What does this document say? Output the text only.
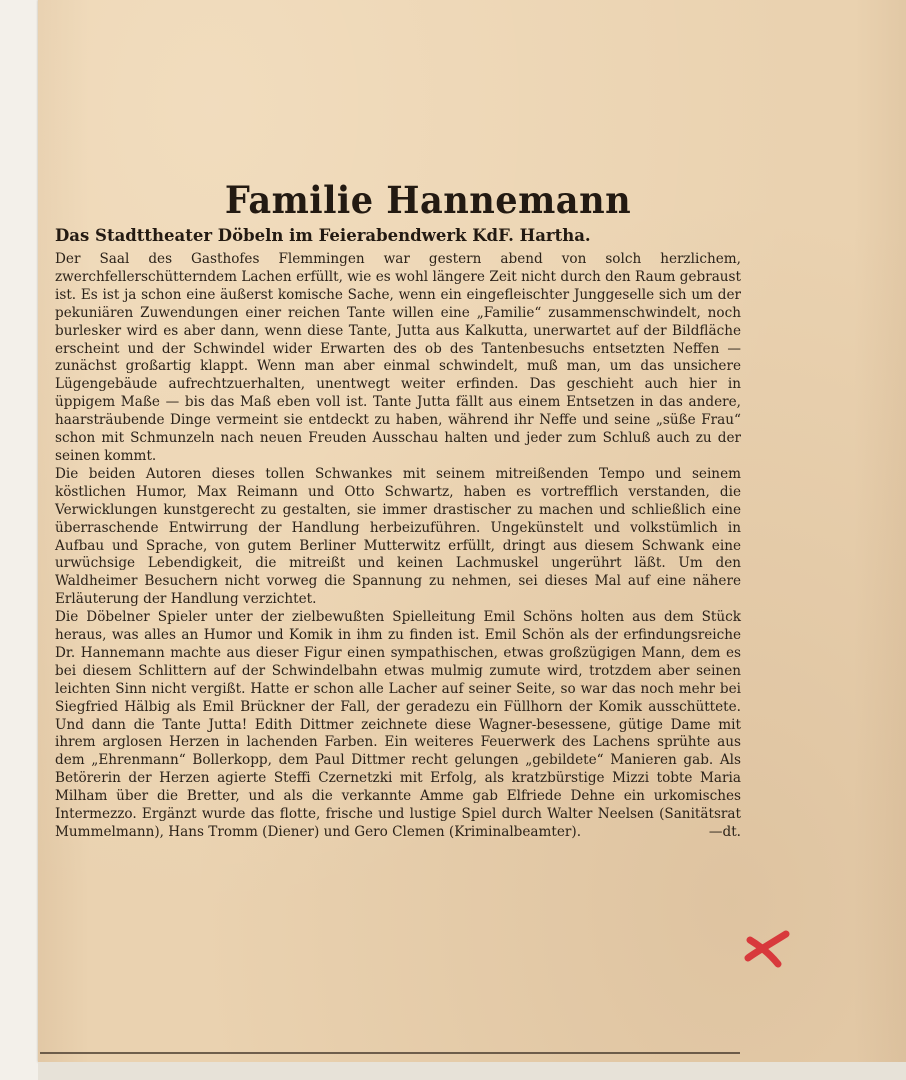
Familie Hannemann
Das Stadttheater Döbeln im Feierabendwerk KdF. Hartha.

Der Saal des Gasthofes Flemmingen war gestern abend von solch herzlichem, zwerchfellerschütterndem Lachen erfüllt, wie es wohl längere Zeit nicht durch den Raum gebraust ist. Es ist ja schon eine äußerst komische Sache, wenn ein eingefleischter Junggeselle sich um der pekuniären Zuwendungen einer reichen Tante willen eine „Familie“ zusammenschwindelt, noch burlesker wird es aber dann, wenn diese Tante, Jutta aus Kalkutta, unerwartet auf der Bildfläche erscheint und der Schwindel wider Erwarten des ob des Tantenbesuchs entsetzten Neffen — zunächst großartig klappt. Wenn man aber einmal schwindelt, muß man, um das unsichere Lügengebäude aufrechtzuerhalten, unentwegt weiter erfinden. Das geschieht auch hier in üppigem Maße — bis das Maß eben voll ist. Tante Jutta fällt aus einem Entsetzen in das andere, haarsträubende Dinge vermeint sie entdeckt zu haben, während ihr Neffe und seine „süße Frau“ schon mit Schmunzeln nach neuen Freuden Ausschau halten und jeder zum Schluß auch zu der seinen kommt.

Die beiden Autoren dieses tollen Schwankes mit seinem mitreißenden Tempo und seinem köstlichen Humor, Max Reimann und Otto Schwartz, haben es vortrefflich verstanden, die Verwicklungen kunstgerecht zu gestalten, sie immer drastischer zu machen und schließlich eine überraschende Entwirrung der Handlung herbeizuführen. Ungekünstelt und volkstümlich in Aufbau und Sprache, von gutem Berliner Mutterwitz erfüllt, dringt aus diesem Schwank eine urwüchsige Lebendigkeit, die mitreißt und keinen Lachmuskel ungerührt läßt. Um den Waldheimer Besuchern nicht vorweg die Spannung zu nehmen, sei dieses Mal auf eine nähere Erläuterung der Handlung verzichtet.

Die Döbelner Spieler unter der zielbewußten Spielleitung Emil Schöns holten aus dem Stück heraus, was alles an Humor und Komik in ihm zu finden ist. Emil Schön als der erfindungsreiche Dr. Hannemann machte aus dieser Figur einen sympathischen, etwas großzügigen Mann, dem es bei diesem Schlittern auf der Schwindelbahn etwas mulmig zumute wird, trotzdem aber seinen leichten Sinn nicht vergißt. Hatte er schon alle Lacher auf seiner Seite, so war das noch mehr bei Siegfried Hälbig als Emil Brückner der Fall, der geradezu ein Füllhorn der Komik ausschüttete. Und dann die Tante Jutta! Edith Dittmer zeichnete diese Wagner-besessene, gütige Dame mit ihrem arglosen Herzen in lachenden Farben. Ein weiteres Feuerwerk des Lachens sprühte aus dem „Ehrenmann“ Bollerkopp, dem Paul Dittmer recht gelungen „gebildete“ Manieren gab. Als Betörerin der Herzen agierte Steffi Czernetzki mit Erfolg, als kratzbürstige Mizzi tobte Maria Milham über die Bretter, und als die verkannte Amme gab Elfriede Dehne ein urkomisches Intermezzo. Ergänzt wurde das flotte, frische und lustige Spiel durch Walter Neelsen (Sanitätsrat Mummelmann), Hans Tromm (Diener) und Gero Clemen (Kriminalbeamter).	—dt.
